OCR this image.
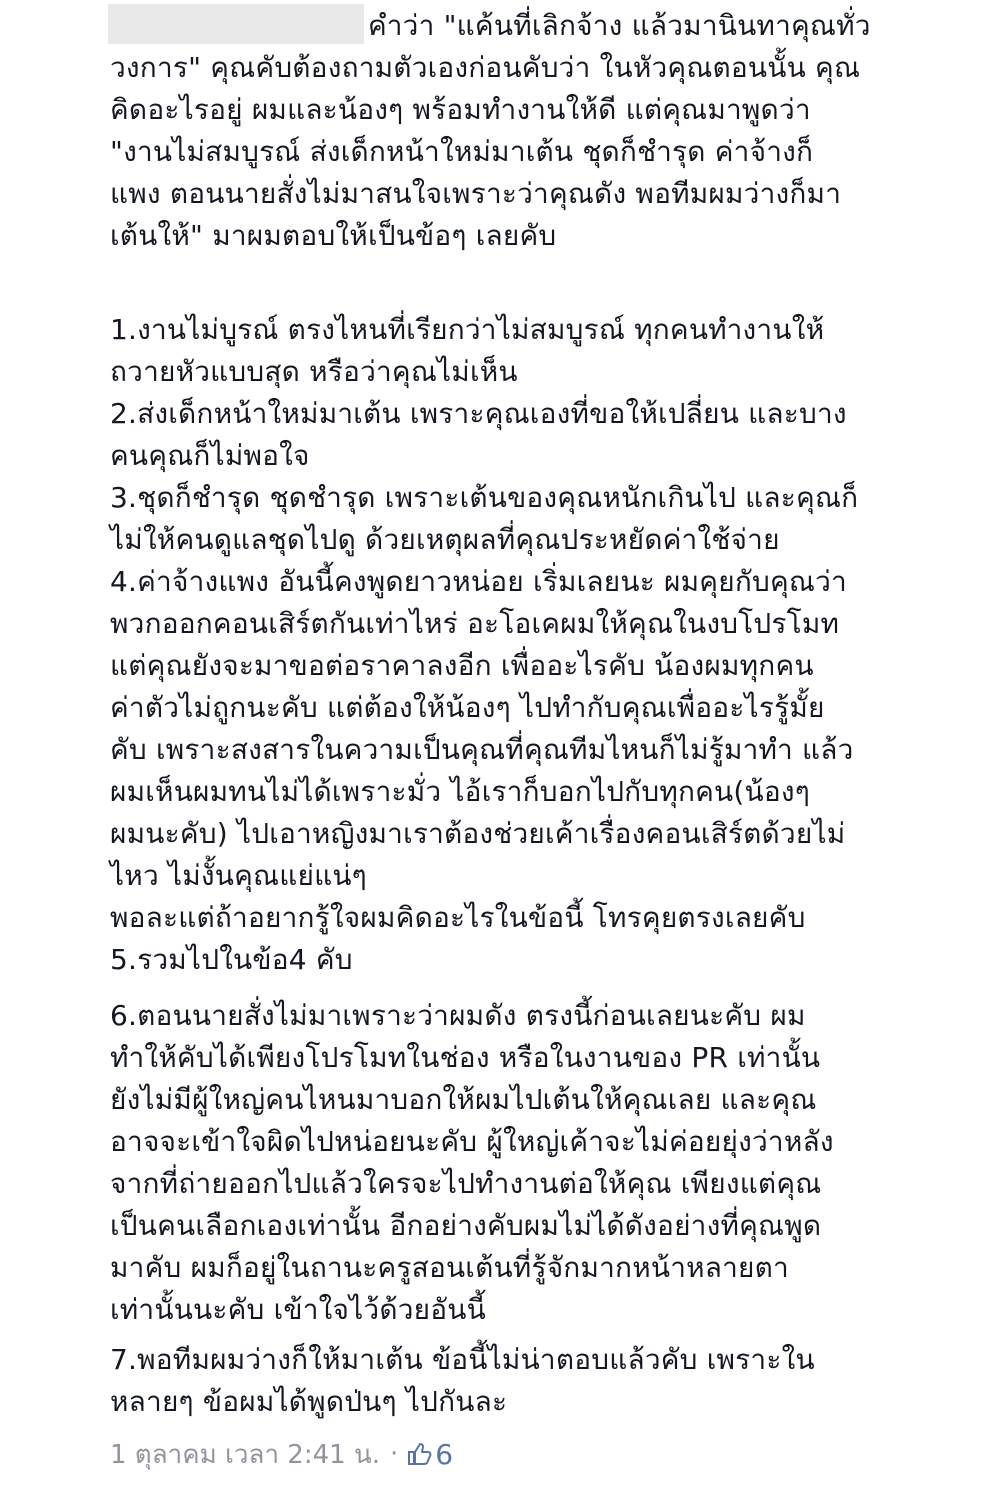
คำว่า "แค้นที่เลิกจ้าง แล้วมานินทาคุณทั่ว

วงการ" คุณคับต้องถามตัวเองก่อนคับว่า ในหัวคุณตอนนั้น คุณ

คิดอะไรอยู่ ผมและน้องๆ พร้อมทำงานให้ดี แต่คุณมาพูดว่า

"งานไม่สมบูรณ์ ส่งเด็กหน้าใหม่มาเต้น ชุดก็ชำรุด ค่าจ้างก็

แพง ตอนนายสั่งไม่มาสนใจเพราะว่าคุณดัง พอทีมผมว่างก็มา

เต้นให้" มาผมตอบให้เป็นข้อๆ เลยคับ

1.งานไม่บูรณ์ ตรงไหนที่เรียกว่าไม่สมบูรณ์ ทุกคนทำงานให้

ถวายหัวแบบสุด หรือว่าคุณไม่เห็น

2.ส่งเด็กหน้าใหม่มาเต้น เพราะคุณเองที่ขอให้เปลี่ยน และบาง

คนคุณก็ไม่พอใจ

3.ชุดก็ชำรุด ชุดชำรุด เพราะเต้นของคุณหนักเกินไป และคุณก็

ไม่ให้คนดูแลชุดไปดู ด้วยเหตุผลที่คุณประหยัดค่าใช้จ่าย

4.ค่าจ้างแพง อันนี้คงพูดยาวหน่อย เริ่มเลยนะ ผมคุยกับคุณว่า

พวกออกคอนเสิร์ตกันเท่าไหร่ อะโอเคผมให้คุณในงบโปรโมท

แต่คุณยังจะมาขอต่อราคาลงอีก เพื่ออะไรคับ น้องผมทุกคน

ค่าตัวไม่ถูกนะคับ แต่ต้องให้น้องๆ ไปทำกับคุณเพื่ออะไรรู้มั้ย

คับ เพราะสงสารในความเป็นคุณที่คุณทีมไหนก็ไม่รู้มาทำ แล้ว

ผมเห็นผมทนไม่ได้เพราะมั่ว ไอ้เราก็บอกไปกับทุกคน(น้องๆ

ผมนะคับ) ไปเอาหญิงมาเราต้องช่วยเค้าเรื่องคอนเสิร์ตด้วยไม่

ไหว ไม่งั้นคุณแย่แน่ๆ

พอละแต่ถ้าอยากรู้ใจผมคิดอะไรในข้อนี้ โทรคุยตรงเลยคับ

5.รวมไปในข้อ4 คับ

6.ตอนนายสั่งไม่มาเพราะว่าผมดัง ตรงนี้ก่อนเลยนะคับ ผม

ทำให้คับได้เพียงโปรโมทในช่อง หรือในงานของ PR เท่านั้น

ยังไม่มีผู้ใหญ่คนไหนมาบอกให้ผมไปเต้นให้คุณเลย และคุณ

อาจจะเข้าใจผิดไปหน่อยนะคับ ผู้ใหญ่เค้าจะไม่ค่อยยุ่งว่าหลัง

จากที่ถ่ายออกไปแล้วใครจะไปทำงานต่อให้คุณ เพียงแต่คุณ

เป็นคนเลือกเองเท่านั้น อีกอย่างคับผมไม่ได้ดังอย่างที่คุณพูด

มาคับ ผมก็อยู่ในถานะครูสอนเต้นที่รู้จักมากหน้าหลายตา

เท่านั้นนะคับ เข้าใจไว้ด้วยอันนี้

7.พอทีมผมว่างก็ให้มาเต้น ข้อนี้ไม่น่าตอบแล้วคับ เพราะใน

หลายๆ ข้อผมได้พูดป่นๆ ไปกันละ

1 ตุลาคม เวลา 2:41 น. · 6
